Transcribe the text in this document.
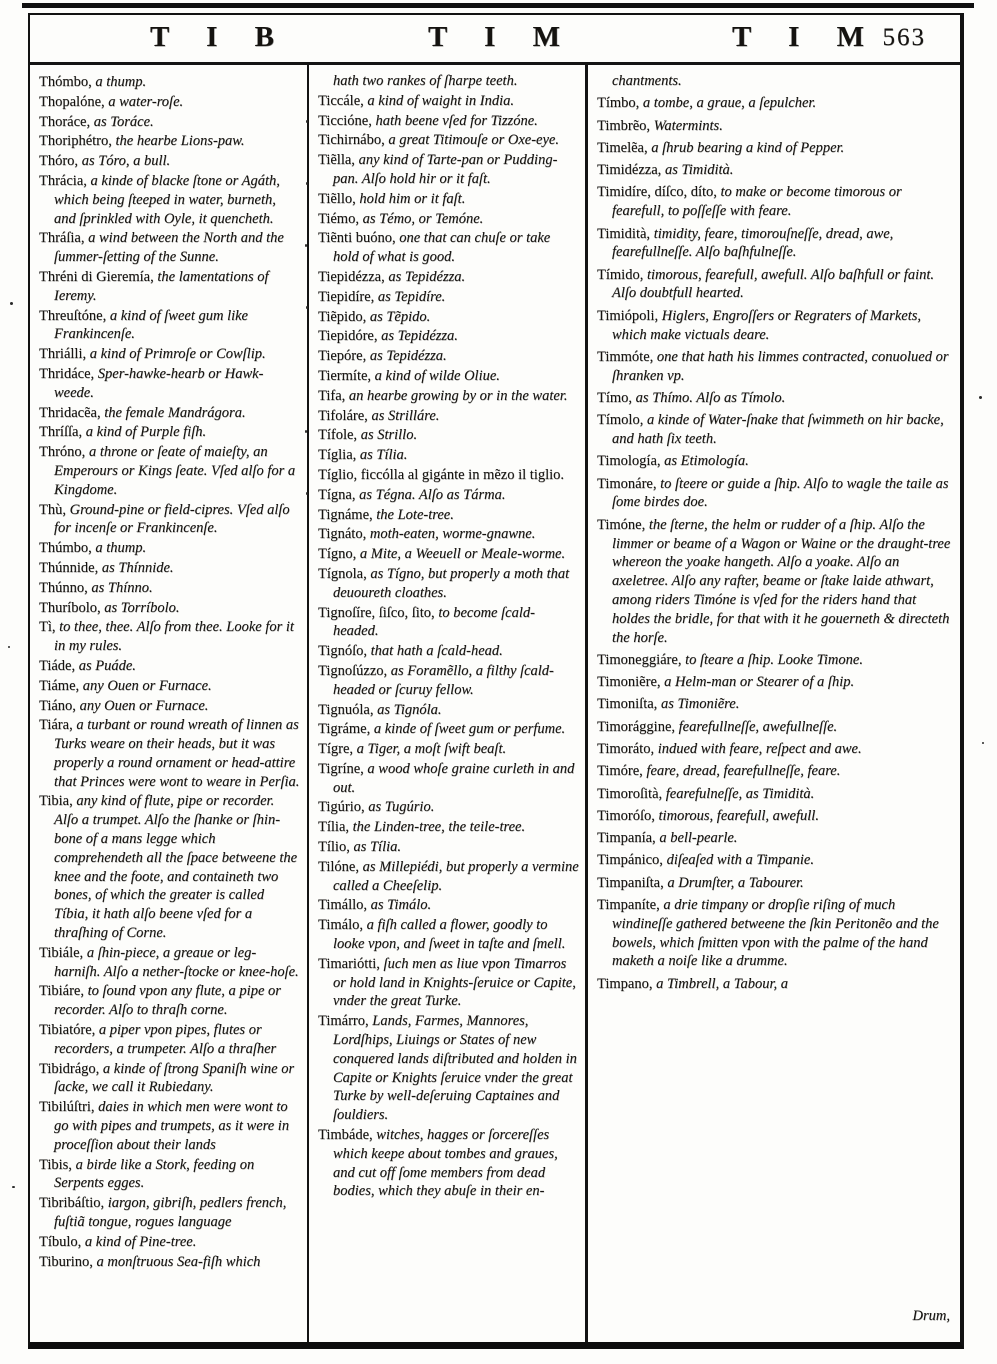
T I B	T I M	T I M 563
Thómbo, a thump.
Thopalóne, a water-roſe.
Thoráce, as Toráce.
Thoriphétro, the hearbe Lions-paw.
Thóro, as Tóro, a bull.
Thrácia, a kinde of blacke ſtone or Agáth, which being ſteeped in water, burneth, and ſprinkled with Oyle, it quencheth.
Thráſia, a wind between the North and the ſummer-ſetting of the Sunne.
Thréni di Gieremía, the lamentations of Ieremy.
Threuſtóne, a kind of ſweet gum like Frankincenſe.
Thriálli, a kind of Primroſe or Cowſlip.
Thridáce, Sper-hawke-hearb or Hawk-weede.
Thridacẽa, the female Mandrágora.
Thríſſa, a kind of Purple fiſh.
Thróno, a throne or ſeate of maieſty, an Emperours or Kings ſeate. Vſed alſo for a Kingdome.
Thù, Ground-pine or field-cipres. Vſed alſo for incenſe or Frankincenſe.
Thúmbo, a thump.
Thúnnide, as Thínnide.
Thúnno, as Thínno.
Thuríbolo, as Torríbolo.
Tì, to thee, thee. Alſo from thee. Looke for it in my rules.
Tiáde, as Puáde.
Tiáme, any Ouen or Furnace.
Tiáno, any Ouen or Furnace.
Tiára, a turbant or round wreath of linnen as Turks weare on their heads, but it was properly a round ornament or head-attire that Princes were wont to weare in Perſia.
Tibia, any kind of flute, pipe or recorder. Alſo a trumpet. Alſo the ſhanke or ſhin-bone of a mans legge which comprehendeth all the ſpace betweene the knee and the foote, and containeth two bones, of which the greater is called Tíbia, it hath alſo beene vſed for a thraſhing of Corne.
Tibiále, a ſhin-piece, a greaue or leg-harniſh. Alſo a nether-ſtocke or knee-hoſe.
Tibiáre, to ſound vpon any flute, a pipe or recorder. Alſo to thraſh corne.
Tibiatóre, a piper vpon pipes, flutes or recorders, a trumpeter. Alſo a thraſher
Tibidrágo, a kinde of ſtrong Spaniſh wine or ſacke, we call it Rubiedany.
Tibilúſtri, daies in which men were wont to go with pipes and trumpets, as it were in proceſſion about their lands
Tibis, a birde like a Stork, feeding on Serpents egges.
Tibribáſtio, iargon, gibriſh, pedlers french, fuſtiã tongue, rogues language
Tíbulo, a kind of Pine-tree.
Tiburino, a monſtruous Sea-fiſh which
hath two rankes of ſharpe teeth.
Ticcále, a kind of waight in India.
Ticcióne, hath beene vſed for Tizzóne.
Tichirnábo, a great Titimouſe or Oxe-eye.
Tiẽlla, any kind of Tarte-pan or Pudding-pan. Alſo hold hir or it faſt.
Tiẽllo, hold him or it faſt.
Tiémo, as Témo, or Temóne.
Tiẽnti buóno, one that can chuſe or take hold of what is good.
Tiepidézza, as Tepidézza.
Tiepidíre, as Tepidíre.
Tiẽpido, as Tẽpido.
Tiepidóre, as Tepidézza.
Tiepóre, as Tepidézza.
Tiermíte, a kind of wilde Oliue.
Tifa, an hearbe growing by or in the water.
Tifoláre, as Strilláre.
Tífole, as Strillo.
Tíglia, as Tília.
Tíglio, ficcólla al gigánte in mẽzo il tiglio.
Tígna, as Tégna. Alſo as Tárma.
Tignáme, the Lote-tree.
Tignáto, moth-eaten, worme-gnawne.
Tígno, a Mite, a Weeuell or Meale-worme.
Tígnola, as Tígno, but properly a moth that deuoureth cloathes.
Tignoſíre, ſiſco, ſito, to become ſcald-headed.
Tignóſo, that hath a ſcald-head.
Tignoſúzzo, as Foramẽllo, a filthy ſcald-headed or ſcuruy fellow.
Tignuóla, as Tignóla.
Tigráme, a kinde of ſweet gum or perfume.
Tígre, a Tiger, a moſt ſwift beaſt.
Tigríne, a wood whoſe graine curleth in and out.
Tigúrio, as Tugúrio.
Tília, the Linden-tree, the teile-tree.
Tílio, as Tília.
Tilóne, as Millepiédi, but properly a vermine called a Cheeſelip.
Timállo, as Timálo.
Timálo, a fiſh called a flower, goodly to looke vpon, and ſweet in taſte and ſmell.
Timariótti, ſuch men as liue vpon Timarros or hold land in Knights-ſeruice or Capite, vnder the great Turke.
Timárro, Lands, Farmes, Mannores, Lordſhips, Liuings or States of new conquered lands diſtributed and holden in Capite or Knights ſeruice vnder the great Turke by well-deſeruing Captaines and ſouldiers.
Timbáde, witches, hagges or ſorcereſſes which keepe about tombes and graues, and cut off ſome members from dead bodies, which they abuſe in their en-
Drum,
chantments.
Tímbo, a tombe, a graue, a ſepulcher.
Timbrẽo, Watermints.
Timelẽa, a ſhrub bearing a kind of Pepper.
Timidézza, as Timidità.
Timidíre, díſco, díto, to make or become timorous or fearefull, to poſſeſſe with feare.
Timidità, timidity, feare, timorouſneſſe, dread, awe, fearefullneſſe. Alſo baſhfulneſſe.
Tímido, timorous, fearefull, awefull. Alſo baſhfull or faint. Alſo doubtfull hearted.
Timiópoli, Higlers, Engroſſers or Regraters of Markets, which make victuals deare.
Timmóte, one that hath his limmes contracted, conuolued or ſhranken vp.
Tímo, as Thímo. Alſo as Tímolo.
Tímolo, a kinde of Water-ſnake that ſwimmeth on hir backe, and hath ſix teeth.
Timología, as Etimología.
Timonáre, to ſteere or guide a ſhip. Alſo to wagle the taile as ſome birdes doe.
Timóne, the ſterne, the helm or rudder of a ſhip. Alſo the limmer or beame of a Wagon or Waine or the draught-tree whereon the yoake hangeth. Alſo a yoake. Alſo an axeletree. Alſo any rafter, beame or ſtake laide athwart, among riders Timóne is vſed for the riders hand that holdes the bridle, for that with it he gouerneth & directeth the horſe.
Timoneggiáre, to ſteare a ſhip. Looke Timone.
Timoniẽre, a Helm-man or Stearer of a ſhip.
Timoniſta, as Timoniẽre.
Timorággine, fearefullneſſe, awefullneſſe.
Timoráto, indued with feare, reſpect and awe.
Timóre, feare, dread, fearefullneſſe, feare.
Timoroſità, fearefulneſſe, as Timidità.
Timoróſo, timorous, fearefull, awefull.
Timpanía, a bell-pearle.
Timpánico, diſeaſed with a Timpanie.
Timpaniſta, a Drumſter, a Tabourer.
Timpaníte, a drie timpany or dropſie riſing of much windineſſe gathered betweene the ſkin Peritonẽo and the bowels, which ſmitten vpon with the palme of the hand maketh a noiſe like a drumme.
Timpano, a Timbrell, a Tabour, a
